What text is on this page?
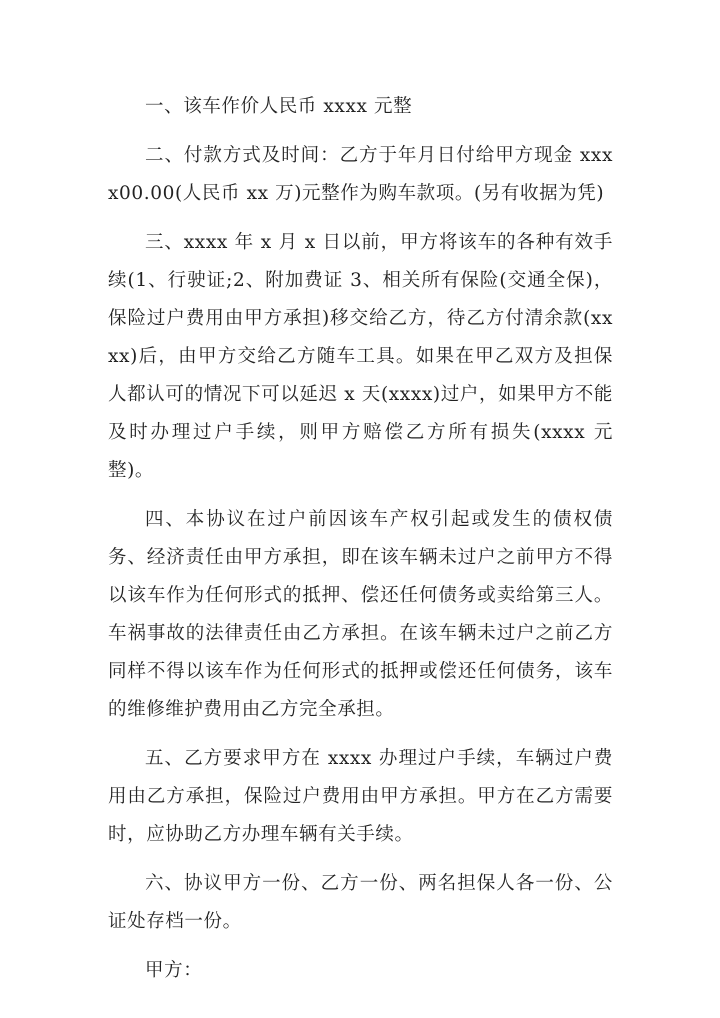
一、该车作价人民币 xxxx 元整

二、付款方式及时间：乙方于年月日付给甲方现金 xxxx00.00(人民币 xx 万)元整作为购车款项。(另有收据为凭)

三、xxxx 年 x 月 x 日以前，甲方将该车的各种有效手续(1、行驶证;2、附加费证 3、相关所有保险(交通全保)，保险过户费用由甲方承担)移交给乙方，待乙方付清余款(xxxx)后，由甲方交给乙方随车工具。如果在甲乙双方及担保人都认可的情况下可以延迟 x 天(xxxx)过户，如果甲方不能及时办理过户手续，则甲方赔偿乙方所有损失(xxxx 元整)。

四、本协议在过户前因该车产权引起或发生的债权债务、经济责任由甲方承担，即在该车辆未过户之前甲方不得以该车作为任何形式的抵押、偿还任何债务或卖给第三人。车祸事故的法律责任由乙方承担。在该车辆未过户之前乙方同样不得以该车作为任何形式的抵押或偿还任何债务，该车的维修维护费用由乙方完全承担。

五、乙方要求甲方在 xxxx 办理过户手续，车辆过户费用由乙方承担，保险过户费用由甲方承担。甲方在乙方需要时，应协助乙方办理车辆有关手续。

六、协议甲方一份、乙方一份、两名担保人各一份、公证处存档一份。

甲方：
